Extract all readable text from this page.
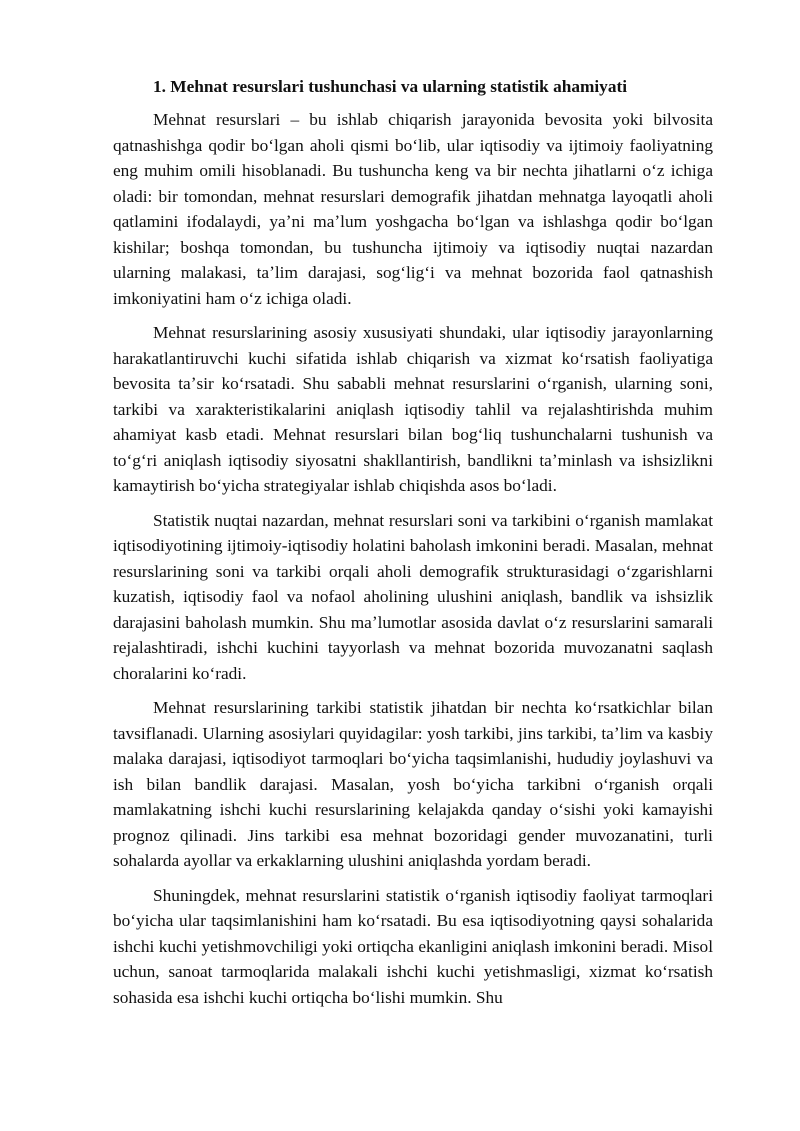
1. Mehnat resurslari tushunchasi va ularning statistik ahamiyati

Mehnat resurslari – bu ishlab chiqarish jarayonida bevosita yoki bilvosita qatnashishga qodir boʻlgan aholi qismi boʻlib, ular iqtisodiy va ijtimoiy faoliyatning eng muhim omili hisoblanadi. Bu tushuncha keng va bir nechta jihatlarni oʻz ichiga oladi: bir tomondan, mehnat resurslari demografik jihatdan mehnatga layoqatli aholi qatlamini ifodalaydi, yaʼni maʼlum yoshgacha boʻlgan va ishlashga qodir boʻlgan kishilar; boshqa tomondan, bu tushuncha ijtimoiy va iqtisodiy nuqtai nazardan ularning malakasi, taʼlim darajasi, sogʻligʻi va mehnat bozorida faol qatnashish imkoniyatini ham oʻz ichiga oladi.

Mehnat resurslarining asosiy xususiyati shundaki, ular iqtisodiy jarayonlarning harakatlantiruvchi kuchi sifatida ishlab chiqarish va xizmat koʻrsatish faoliyatiga bevosita taʼsir koʻrsatadi. Shu sababli mehnat resurslarini oʻrganish, ularning soni, tarkibi va xarakteristikalarini aniqlash iqtisodiy tahlil va rejalashtirishda muhim ahamiyat kasb etadi. Mehnat resurslari bilan bogʻliq tushunchalarni tushunish va toʻgʻri aniqlash iqtisodiy siyosatni shakllantirish, bandlikni taʼminlash va ishsizlikni kamaytirish boʻyicha strategiyalar ishlab chiqishda asos boʻladi.

Statistik nuqtai nazardan, mehnat resurslari soni va tarkibini oʻrganish mamlakat iqtisodiyotining ijtimoiy-iqtisodiy holatini baholash imkonini beradi. Masalan, mehnat resurslarining soni va tarkibi orqali aholi demografik strukturasidagi oʻzgarishlarni kuzatish, iqtisodiy faol va nofaol aholining ulushini aniqlash, bandlik va ishsizlik darajasini baholash mumkin. Shu maʼlumotlar asosida davlat oʻz resurslarini samarali rejalashtiradi, ishchi kuchini tayyorlash va mehnat bozorida muvozanatni saqlash choralarini koʻradi.

Mehnat resurslarining tarkibi statistik jihatdan bir nechta koʻrsatkichlar bilan tavsiflanadi. Ularning asosiylari quyidagilar: yosh tarkibi, jins tarkibi, taʼlim va kasbiy malaka darajasi, iqtisodiyot tarmoqlari boʻyicha taqsimlanishi, hududiy joylashuvi va ish bilan bandlik darajasi. Masalan, yosh boʻyicha tarkibni oʻrganish orqali mamlakatning ishchi kuchi resurslarining kelajakda qanday oʻsishi yoki kamayishi prognoz qilinadi. Jins tarkibi esa mehnat bozoridagi gender muvozanatini, turli sohalarda ayollar va erkaklarning ulushini aniqlashda yordam beradi.

Shuningdek, mehnat resurslarini statistik oʻrganish iqtisodiy faoliyat tarmoqlari boʻyicha ular taqsimlanishini ham koʻrsatadi. Bu esa iqtisodiyotning qaysi sohalarida ishchi kuchi yetishmovchiligi yoki ortiqcha ekanligini aniqlash imkonini beradi. Misol uchun, sanoat tarmoqlarida malakali ishchi kuchi yetishmasligi, xizmat koʻrsatish sohasida esa ishchi kuchi ortiqcha boʻlishi mumkin. Shu
